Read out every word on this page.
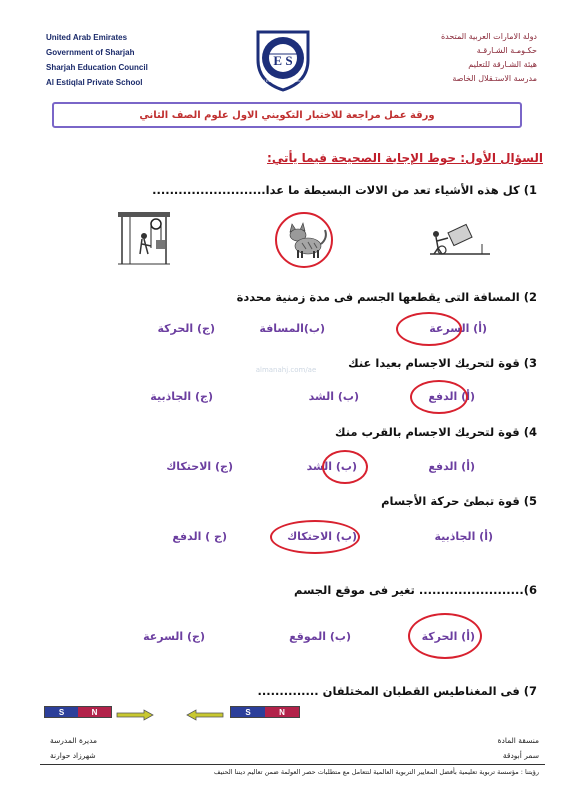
United Arab Emirates
Government of Sharjah
Sharjah Education Council
Al Estiqlal Private School
دولة الامارات العربية المتحدة
حكـومـة الشـارقـة
هيئة الشـارقة للتعليم
مدرسة الاستـقلال الخاصة
E S
Al Estiqlal private school
ورقة عمل مراجعة للاختبار التكويني الاول علوم الصف الثاني
السؤال الأول: حوط الإجابة الصحيحة فيما يأتي:
1) كل هذه الأشياء تعد من الالات البسيطة ما عدا..........................
2) المسافة التى يقطعها الجسم فى مدة زمنية محددة
(أ) السرعة
(ب)المسافة
(ج) الحركة
3) قوة لتحريك الاجسام بعيدا عنك
(أ) الدفع
(ب) الشد
(ج) الجاذبية
almanahj.com/ae
4) قوة لتحريك الاجسام بالقرب منك
(أ) الدفع
(ب) الشد
(ج) الاحتكاك
5) قوة تبطئ حركة الأجسام
(أ) الجاذبية
(ب) الاحتكاك
(ج ) الدفع
6)........................ تغير فى موقع الجسم
(أ) الحركة
(ب) الموقع
(ج) السرعة
7) فى المغناطيس القطبان المختلفان ..............
S	N	S	N
منسقة المادة
سمر أبودقة
مديرة المدرسة
شهرزاد حوارنة
رؤيتنا : مؤسسة تربوية تعليمية بأفضل المعايير التربوية العالمية لتتعامل مع متطلبات حصر العولمة ضمن تعاليم ديننا الحنيف
